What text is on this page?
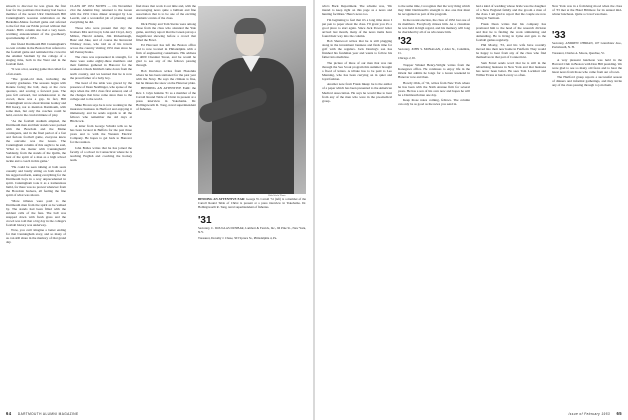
smooth to discover he was given the first four for the positions that Kenny had been a member of the recent Ulric Dartmouth Bill Cunningham's re-union celebration on the Berkshire-Maine football game and referred to the fact that our Eddie proved without that classic. Bill's column also had a very heart-warming announcement of the goodhearty sportsmanship of 1931.

Our friend Dartmouth Bill Cunningham's re-cent column in the Boston Post referred to the football game and reminded the crowd in the Alumni Stadium by the college of a singing time, both in the West and in the football field.

"It was a hot, searing game that called for a fair exam.

"The grand-old men, including the recently graduates. The seasons began with Ronnie facing the ball, deep at the crew quarters, and scoring a forward pass. The pass fell outward, but unbeknownst to the crowd, there was a gap. In fact, Bill Cunningham wrote about Ronnie Ganley and Bill Keary, not to mention Dartmouth, with some men, but only the coaches could be held, even in the crucial minute of play.

"As the football stadium emptied, the Dartmouth men and their stands were packed with the Bowdoin and the Maine contingents, and in the final period of a fast and furious football game, everyone knew the outcome was the Green. The Cunningham column of this ought to be said, 'What is the matter with Cunningham? Suddenly, from the stands of the Quilts, the best of the spirit of a man as a high school tackle and a coach in this game.'

"He could be seen talking at both seats casually and busily sitting on both sides of his ragged uniform, asking everything for the Dartmouth boys in a way unprecedented in spirit. Cunningham took it as a tremendous build, for there was no protest whatever from the Bowdoin backers, all feeling the fine spirit of what was shown.

"More tributes were paid to the Dartmouth men from the spirit as he walked by. The stands had been filled with the strident calls of the fans. The ball was snapped down with fresh grass and the crowd was told that a big day in the college's football history was underway.

Wow, you can't imagine a better ending for that Cunningham story, and so many of us can still share in the memory of that grand day.

CLASS OF 1931 NOTES — On November 21st the Alumni Day, returned to the Green with the 1931 Class dinner arranged by Lou Leavitt, and a wonderful job of planning and everything he did.

Those who were present that day: the brothers Mix and Lloyd, John and Cloyd, Jerry Milton, Harold Adams, Jim Rickenbaugh, Buzz and Jake, and of course the Reverend Whitney Jones, who told us of his travels across the country visiting 1931 men since he left Pennsylvania.

The class was represented in strength, for there were some eighty-three members and their families gathered in Hanover for the weekend. Chuck Kimball came down from the north country, and we learned that he is now the proud father of a baby boy.

The head of the table was graced by the presence of Dean Neidlinger, who spoke of the days when the 1931 class first entered, and of the changes that have come since then to the college and to the world.

Mike Brown says he is now working in the insurance business in Hartford and enjoying it immensely, and he sends regards to all the fellows who remember the old days at Hitchcock.

A letter from George Schultz tells us he has been located in Buffalo for the past three years and is with the Western Electric Company. He hopes to get back to Hanover for the reunion.

John Bolles writes that he has joined the faculty of a school in Connecticut where he is teaching English and coaching the hockey team.

find more that work it out time and, with the encouraging news quite a bulliant and fine association that is to be one of the exciting dramatic events of the class.

Dick Finley and Tom Sterns were among those from the class who attended the Yale game, and they report that the Green put up a magnificent showing before a crowd that filled the Bowl.

Ed Harcourt has left the Boston office and is now located in Philadelphia with a firm of engineering consultants. His address is 4000 Chestnut Street, and he would be glad to see any of the fellows passing through.

Bob Davidson writes from Honolulu where he has been stationed for the past year with the Navy. He says the climate is fine, but he misses the snow on the Hanover plain.

BENDING AN ATTENTIVE EAR: the Rev. J. Glyn Jenkins '31 as a member of the Carroll Round Table of Christ in present at a press interview in Yokohama. Dr. Hollingsworth R. Tong, naval superintendent of fisheries.

Wide World Photo
BENDING AN ATTENTIVE EAR: George W. Carroll '31 (left) is a member of the Carroll Round Table of Christ is present at a press interview in Yokohama. Dr. Hollingsworth R. Tong, naval superintendent of fisheries.
'31
Secretary, C. DOUGLAS DUNBAR, Lambert & Fewick, Inc., 66 Pine St., New York, N.Y.
Treasurer, Dorothy J. Chase, 503 Spruce St., Philadelphia 4, Pa.
64 DARTMOUTH ALUMNI MAGAZINE

who's Back Department. The scheme was, 'We intend to keep right on this page as a news and hunting facilities.' Here's news too.

I'm beginning to feel that it's a long time since I put pen to paper about the class. I'll grant you it's a good place to start again. Since Jack Powers' letter arrived last month, many of the news items have found their way into the column.

Bob Sherwood writes that he is still plugging along in the investment business and finds time for golf with the regulars. Jack Dewing's son has finished his freshman year and wants to follow his father into medicine.

The picture of three of our men that was run through the Sea Scout program this summer brought a flood of letters. A tribute has to be paid to Leo Manning, who has been carrying on in quiet and loyal fashion.

Another note from Frank Inkup: he is the author of a paper which has been presented to the American Medical Association. He says he would like to hear from any of the men who were in the pre-medical group.

to the same time, I recognize that the very thing which may limit Dartmouth's strength is also one that must be recognized as part of the program.

In the recent election, the class of 1932 lost one of its members. Everybody misses him. As a classmate he was held in high regard, and his memory will long be cherished by all of us who knew him.

'32
Secretary, JOHN S. MONAGAN, 2 Aller St., Columbia, Ct.
Chicago 2, Ill.

Trapper Winkel Henry-Wright writes from the Kanagawa office. He continues to enjoy life in the Orient but admits he longs for a Green weekend in Hanover now and then.

Howdy Olds, of '32, writes from New York where he has been with the Sixth Avenue firm for several years. He has a son of his own now and hopes he will be a Dartmouth man one day.

Keep those notes coming, fellows. The column can only be as good as the news you send in.

had a kind of wedding whose bride was the daughter of a New England family and the groom a man of the class. I am glad to report that the couple are now living in Vermont.

Frank Dean writes that his company has promoted him to the head of the research division and that he is finding the work stimulating and demanding. He is living in Lyme and gets to the football games regularly.

Phil Mosby, '33, and his wife have recently moved into their new home in Fairfield. They would be happy to hear from any of the class who find themselves in that part of Connecticut.

Sam Ferrel sends word that he is still in the advertising business in New York and that business has never been better. He sees Tom Lockhart and Wilbur Evans at lunch every so often.

New York was in a frolicking mood when the class of '33 met at the Hotel Biltmore for its annual mid-winter luncheon. Quite a crowd was there.

'33
Secretary, ANDREW O'BRIAN, 107 Grandview Ave., Portsmouth, N. H.
Treasurer, Charles A. Moore, Quechee, Vt.

A very pleasant luncheon was held in the Harvard Club in Boston with Don Hill presiding. We were glad to see so many old faces and to hear the latest news from those who came from out of town.

The Hartford group reports a successful season of dinners and informal gatherings, and they invite any of the class passing through to join them.

Issue of February 1953 65
